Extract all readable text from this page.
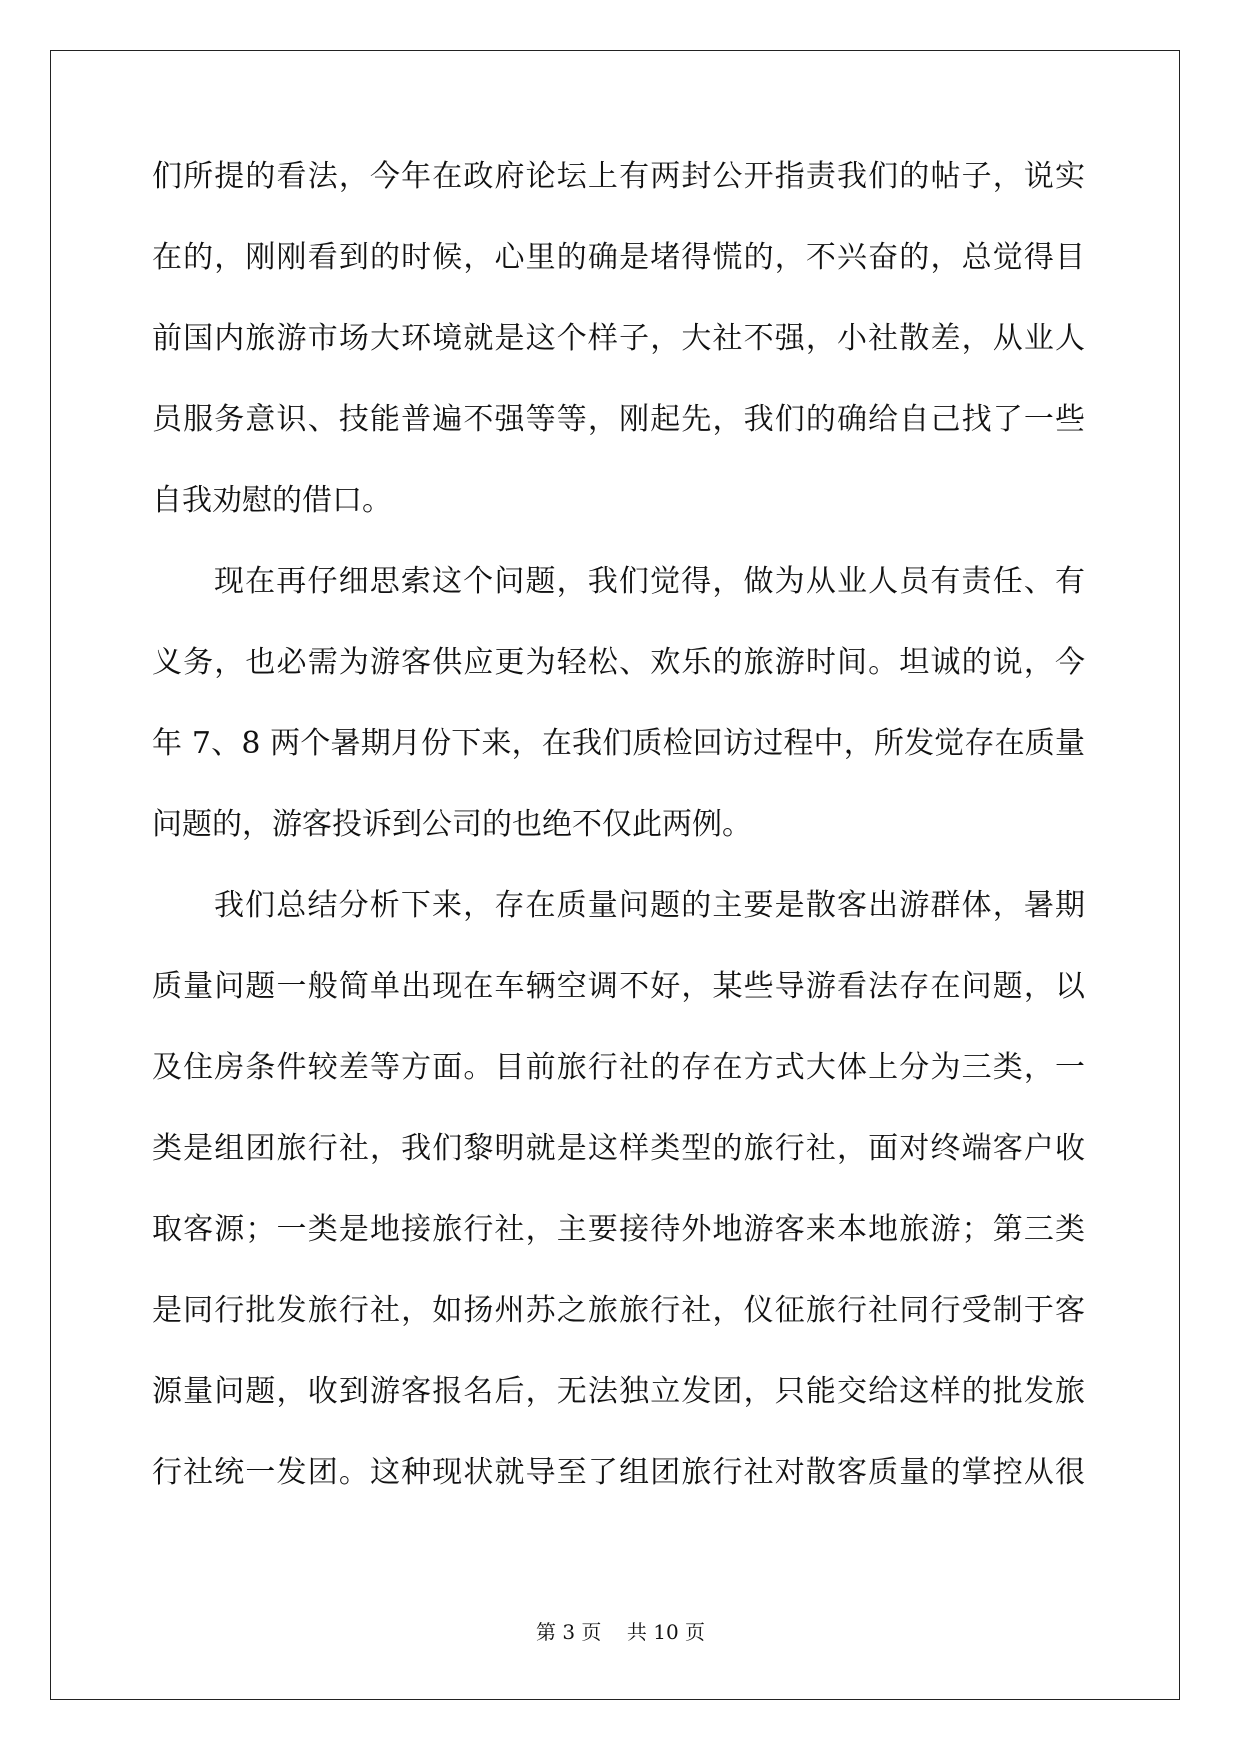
们所提的看法，今年在政府论坛上有两封公开指责我们的帖子，说实
在的，刚刚看到的时候，心里的确是堵得慌的，不兴奋的，总觉得目
前国内旅游市场大环境就是这个样子，大社不强，小社散差，从业人
员服务意识、技能普遍不强等等，刚起先，我们的确给自己找了一些
自我劝慰的借口。
现在再仔细思索这个问题，我们觉得，做为从业人员有责任、有
义务，也必需为游客供应更为轻松、欢乐的旅游时间。坦诚的说，今
年 7、8 两个暑期月份下来，在我们质检回访过程中，所发觉存在质量
问题的，游客投诉到公司的也绝不仅此两例。
我们总结分析下来，存在质量问题的主要是散客出游群体，暑期
质量问题一般简单出现在车辆空调不好，某些导游看法存在问题，以
及住房条件较差等方面。目前旅行社的存在方式大体上分为三类，一
类是组团旅行社，我们黎明就是这样类型的旅行社，面对终端客户收
取客源；一类是地接旅行社，主要接待外地游客来本地旅游；第三类
是同行批发旅行社，如扬州苏之旅旅行社，仪征旅行社同行受制于客
源量问题，收到游客报名后，无法独立发团，只能交给这样的批发旅
行社统一发团。这种现状就导至了组团旅行社对散客质量的掌控从很
第 3 页 共 10 页
